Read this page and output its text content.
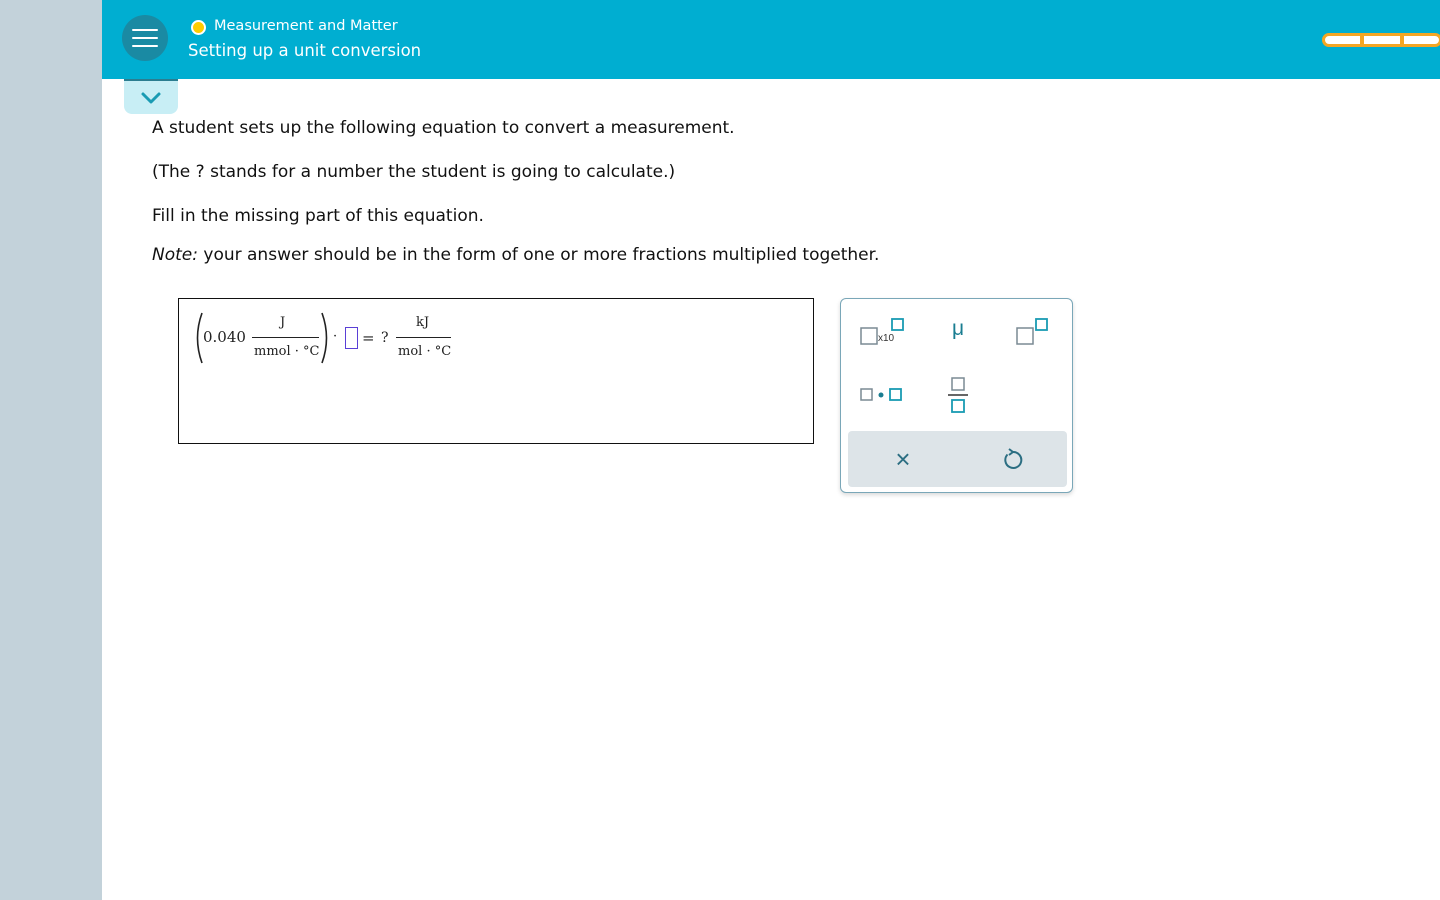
Measurement and Matter
Setting up a unit conversion

A student sets up the following equation to convert a measurement.

(The ? stands for a number the student is going to calculate.)

Fill in the missing part of this equation.

Note: your answer should be in the form of one or more fractions multiplied together.

0.040
J
mmol · °C
· = ?
kJ
mol · °C
x10	μ
×
